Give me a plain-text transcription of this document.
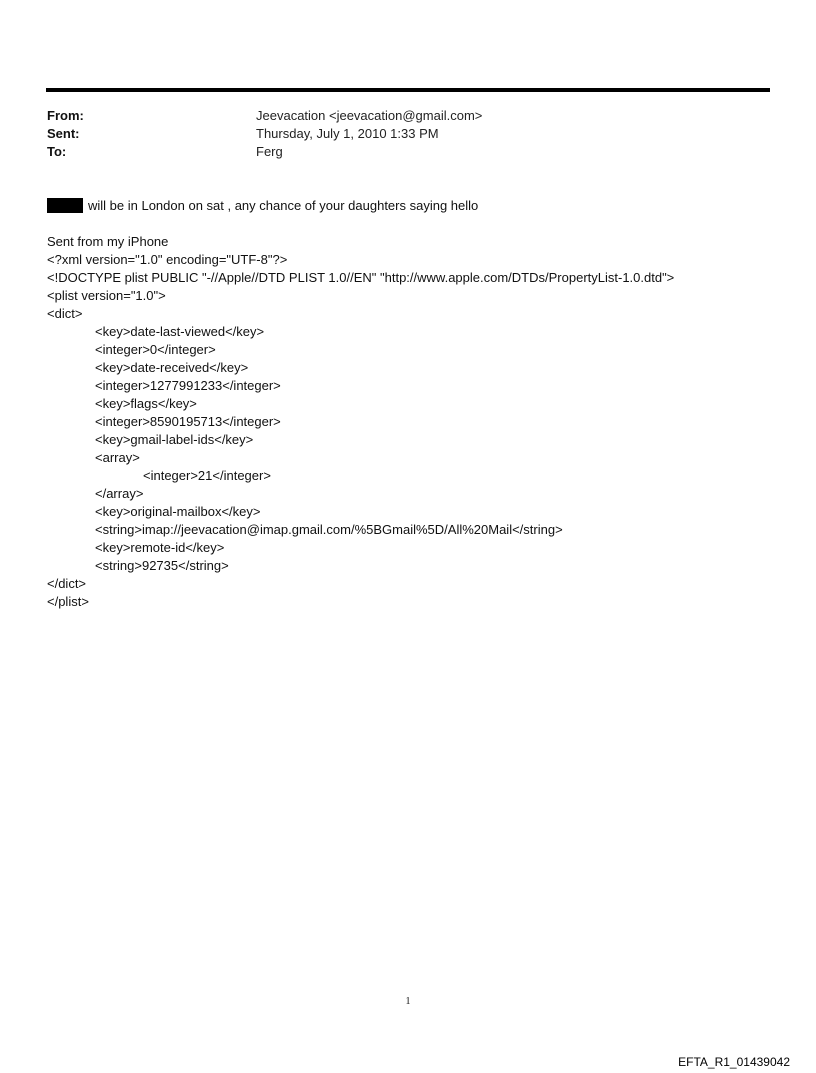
From:	Jeevacation <jeevacation@gmail.com>
Sent:	Thursday, July 1, 2010 1:33 PM
To:	Ferg
will be in London on sat , any chance of your daughters saying hello
Sent from my iPhone
<?xml version="1.0" encoding="UTF-8"?>
<!DOCTYPE plist PUBLIC "-//Apple//DTD PLIST 1.0//EN" "http://www.apple.com/DTDs/PropertyList-1.0.dtd">
<plist version="1.0">
<dict>
<key>date-last-viewed</key>
<integer>0</integer>
<key>date-received</key>
<integer>1277991233</integer>
<key>flags</key>
<integer>8590195713</integer>
<key>gmail-label-ids</key>
<array>
<integer>21</integer>
</array>
<key>original-mailbox</key>
<string>imap://jeevacation@imap.gmail.com/%5BGmail%5D/All%20Mail</string>
<key>remote-id</key>
<string>92735</string>
</dict>
</plist>
1
EFTA_R1_01439042
